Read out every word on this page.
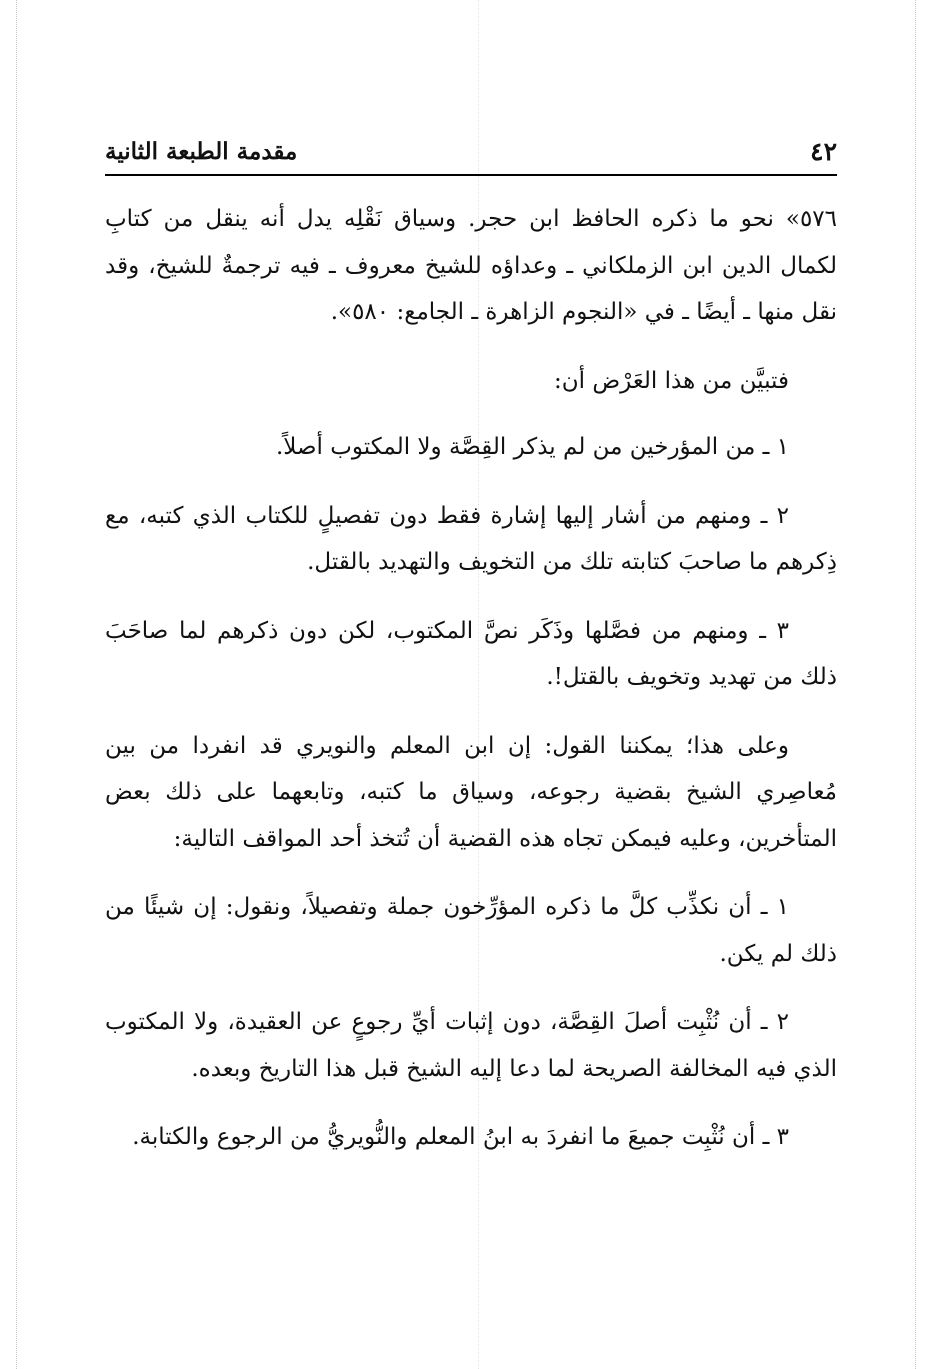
٤٢
مقدمة الطبعة الثانية

٥٧٦» نحو ما ذكره الحافظ ابن حجر. وسياق نَقْلِه يدل أنه ينقل من كتابِ لكمال الدين ابن الزملكاني ـ وعداؤه للشيخ معروف ـ فيه ترجمةٌ للشيخ، وقد نقل منها ـ أيضًا ـ في «النجوم الزاهرة ـ الجامع: ٥٨٠».

فتبيَّن من هذا العَرْض أن:

١ ـ من المؤرخين من لم يذكر القِصَّة ولا المكتوب أصلاً.

٢ ـ ومنهم من أشار إليها إشارة فقط دون تفصيلٍ للكتاب الذي كتبه، مع ذِكرهم ما صاحبَ كتابته تلك من التخويف والتهديد بالقتل.

٣ ـ ومنهم من فصَّلها وذَكَر نصَّ المكتوب، لكن دون ذكرهم لما صاحَبَ ذلك من تهديد وتخويف بالقتل!.

وعلى هذا؛ يمكننا القول: إن ابن المعلم والنويري قد انفردا من بين مُعاصِري الشيخ بقضية رجوعه، وسياق ما كتبه، وتابعهما على ذلك بعض المتأخرين، وعليه فيمكن تجاه هذه القضية أن تُتخذ أحد المواقف التالية:

١ ـ أن نكذِّب كلَّ ما ذكره المؤرِّخون جملة وتفصيلاً، ونقول: إن شيئًا من ذلك لم يكن.

٢ ـ أن نُثْبِت أصلَ القِصَّة، دون إثبات أيِّ رجوعٍ عن العقيدة، ولا المكتوب الذي فيه المخالفة الصريحة لما دعا إليه الشيخ قبل هذا التاريخ وبعده.

٣ ـ أن نُثْبِت جميعَ ما انفردَ به ابنُ المعلم والنُّويريُّ من الرجوع والكتابة.
